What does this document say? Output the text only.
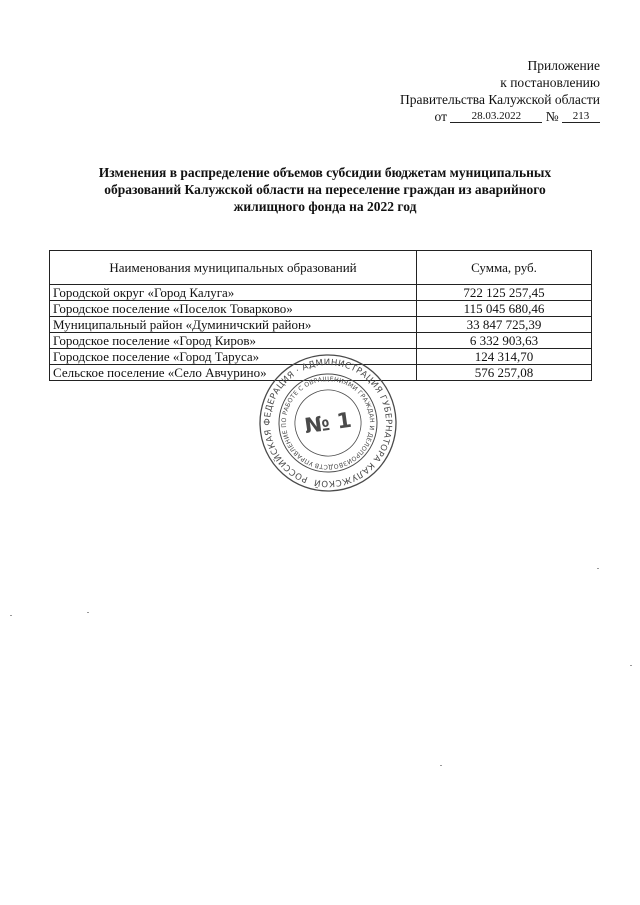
Приложение
к постановлению
Правительства Калужской области
от 28.03.2022 № 213
Изменения в распределение объемов субсидии бюджетам муниципальных образований Калужской области на переселение граждан из аварийного жилищного фонда на 2022 год
Наименования муниципальных образований	Сумма, руб.
Городской округ «Город Калуга»	722 125 257,45
Городское поселение «Поселок Товарково»	115 045 680,46
Муниципальный район «Думиничский район»	33 847 725,39
Городское поселение «Город Киров»	6 332 903,63
Городское поселение «Город Таруса»	124 314,70
Сельское поселение «Село Авчурино»	576 257,08
РОССИЙСКАЯ ФЕДЕРАЦИЯ · АДМИНИСТРАЦИЯ ГУБЕРНАТОРА КАЛУЖСКОЙ
УПРАВЛЕНИЕ ПО РАБОТЕ С ОБРАЩЕНИЯМИ ГРАЖДАН И ДЕЛОПРОИЗВОДСТВУ
№ 1
